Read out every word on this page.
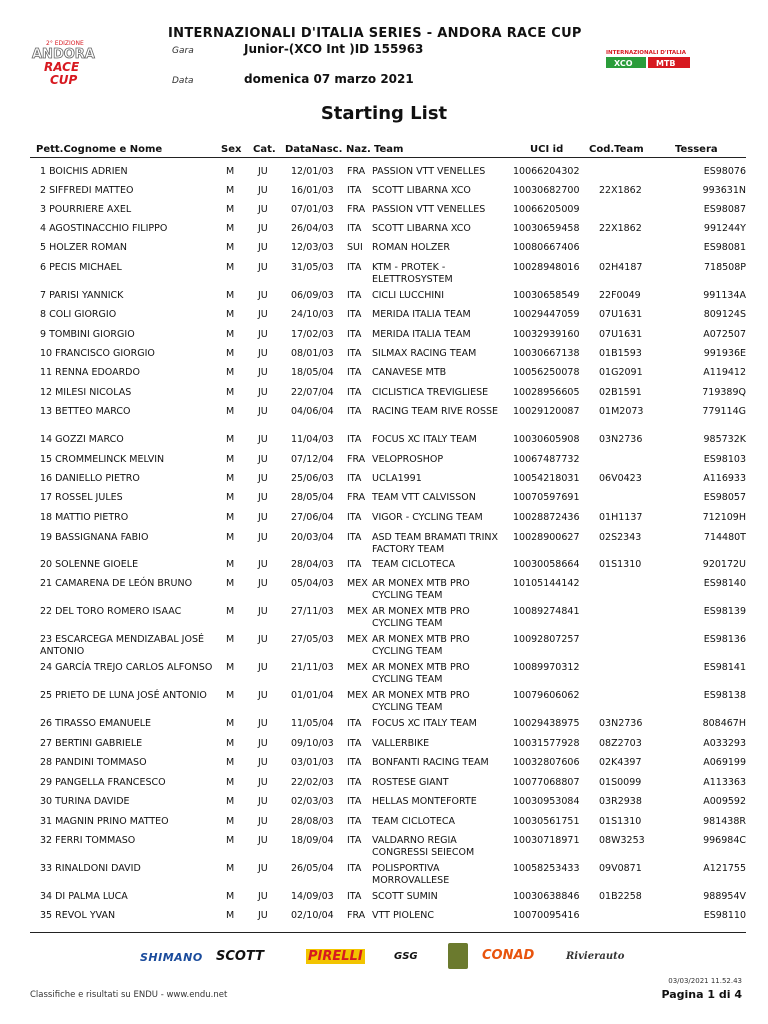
2° EDIZIONE
ANDORA
RACE
CUP
INTERNAZIONALI D'ITALIA SERIES - ANDORA RACE CUP
Gara	Junior-(XCO Int )ID 155963
Data	domenica 07 marzo 2021
INTERNAZIONALI D'ITALIA
XCO	MTB
Starting List
Pett.Cognome e Nome	Sex Cat. DataNasc. Naz. Team	UCI id	Cod.Team	Tessera
1 BOICHIS ADRIEN	M	JU 12/01/03 FRA PASSION VTT VENELLES	10066204302	ES98076
2 SIFFREDI MATTEO	M	JU 16/01/03 ITA SCOTT LIBARNA XCO	10030682700 22X1862	993631N
3 POURRIERE AXEL	M	JU 07/01/03 FRA PASSION VTT VENELLES	10066205009	ES98087
4 AGOSTINACCHIO FILIPPO	M	JU 26/04/03 ITA SCOTT LIBARNA XCO	10030659458 22X1862	991244Y
5 HOLZER ROMAN	M	JU 12/03/03 SUI ROMAN HOLZER	10080667406	ES98081
6 PECIS MICHAEL	M	JU 31/05/03 ITA KTM - PROTEK - ELETTROSYSTEM
10028948016 02H4187	718508P
7 PARISI YANNICK	M	JU 06/09/03 ITA CICLI LUCCHINI	10030658549 22F0049	991134A
8 COLI GIORGIO	M	JU 24/10/03 ITA MERIDA ITALIA TEAM	10029447059 07U1631	809124S
9 TOMBINI GIORGIO	M	JU 17/02/03 ITA MERIDA ITALIA TEAM	10032939160 07U1631	A072507
10 FRANCISCO GIORGIO	M	JU 08/01/03 ITA SILMAX RACING TEAM	10030667138 01B1593	991936E
11 RENNA EDOARDO	M	JU 18/05/04 ITA CANAVESE MTB	10056250078 01G2091	A119412
12 MILESI NICOLAS	M	JU 22/07/04 ITA CICLISTICA TREVIGLIESE	10028956605 02B1591	719389Q
13 BETTEO MARCO	M	JU 04/06/04 ITA RACING TEAM RIVE ROSSE	10029120087 01M2073	779114G
14 GOZZI MARCO	M	JU 11/04/03 ITA FOCUS XC ITALY TEAM	10030605908 03N2736	985732K
15 CROMMELINCK MELVIN	M	JU 07/12/04 FRA VELOPROSHOP	10067487732	ES98103
16 DANIELLO PIETRO	M	JU 25/06/03 ITA UCLA1991	10054218031 06V0423	A116933
17 ROSSEL JULES	M	JU 28/05/04 FRA TEAM VTT CALVISSON	10070597691	ES98057
18 MATTIO PIETRO	M	JU 27/06/04 ITA VIGOR - CYCLING TEAM	10028872436 01H1137	712109H
19 BASSIGNANA FABIO	M	JU 20/03/04 ITA ASD TEAM BRAMATI TRINX FACTORY TEAM
10028900627 02S2343	714480T
20 SOLENNE GIOELE	M	JU 28/04/03 ITA TEAM CICLOTECA	10030058664 01S1310	920172U
21 CAMARENA DE LEÓN BRUNO	M	JU 05/04/03 MEX AR MONEX MTB PRO CYCLING TEAM
10105144142	ES98140
22 DEL TORO ROMERO ISAAC	M	JU 27/11/03 MEX AR MONEX MTB PRO CYCLING TEAM
10089274841	ES98139
23 ESCARCEGA MENDIZABAL JOSÉ ANTONIO
M	JU 27/05/03 MEX AR MONEX MTB PRO CYCLING TEAM
10092807257	ES98136
24 GARCÍA TREJO CARLOS ALFONSO	M	JU 21/11/03 MEX AR MONEX MTB PRO CYCLING TEAM
10089970312	ES98141
25 PRIETO DE LUNA JOSÉ ANTONIO	M	JU 01/01/04 MEX AR MONEX MTB PRO CYCLING TEAM
10079606062	ES98138
26 TIRASSO EMANUELE	M	JU 11/05/04 ITA FOCUS XC ITALY TEAM	10029438975 03N2736	808467H
27 BERTINI GABRIELE	M	JU 09/10/03 ITA VALLERBIKE	10031577928 08Z2703	A033293
28 PANDINI TOMMASO	M	JU 03/01/03 ITA BONFANTI RACING TEAM	10032807606 02K4397	A069199
29 PANGELLA FRANCESCO	M	JU 22/02/03 ITA ROSTESE GIANT	10077068807 01S0099	A113363
30 TURINA DAVIDE	M	JU 02/03/03 ITA HELLAS MONTEFORTE	10030953084 03R2938	A009592
31 MAGNIN PRINO MATTEO	M	JU 28/08/03 ITA TEAM CICLOTECA	10030561751 01S1310	981438R
32 FERRI TOMMASO	M	JU 18/09/04 ITA VALDARNO REGIA CONGRESSI SEIECOM
10030718971 08W3253	996984C
33 RINALDONI DAVID	M	JU 26/05/04 ITA POLISPORTIVA MORROVALLESE
10058253433 09V0871	A121755
34 DI PALMA LUCA	M	JU 14/09/03 ITA SCOTT SUMIN	10030638846 01B2258	988954V
35 REVOL YVAN	M	JU 02/10/04 FRA VTT PIOLENC	10070095416	ES98110
SHIMANO SCOTT	PIRELLI	GSG	CONAD	Rivierauto
03/03/2021 11.52.43
Classifiche e risultati su ENDU - www.endu.net	Pagina 1 di 4
